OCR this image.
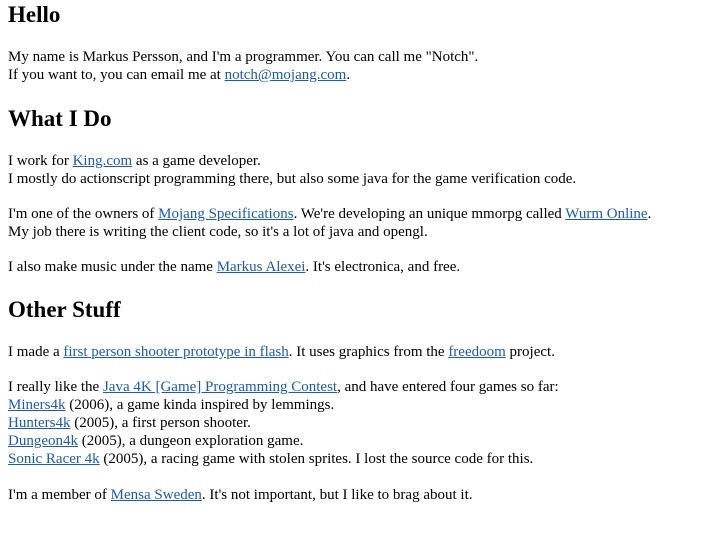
Hello

My name is Markus Persson, and I'm a programmer. You can call me "Notch".
If you want to, you can email me at notch@mojang.com.

What I Do

I work for King.com as a game developer.
I mostly do actionscript programming there, but also some java for the game verification code.

I'm one of the owners of Mojang Specifications. We're developing an unique mmorpg called Wurm Online.
My job there is writing the client code, so it's a lot of java and opengl.

I also make music under the name Markus Alexei. It's electronica, and free.

Other Stuff

I made a first person shooter prototype in flash. It uses graphics from the freedoom project.

I really like the Java 4K [Game] Programming Contest, and have entered four games so far:
Miners4k (2006), a game kinda inspired by lemmings.
Hunters4k (2005), a first person shooter.
Dungeon4k (2005), a dungeon exploration game.
Sonic Racer 4k (2005), a racing game with stolen sprites. I lost the source code for this.

I'm a member of Mensa Sweden. It's not important, but I like to brag about it.
